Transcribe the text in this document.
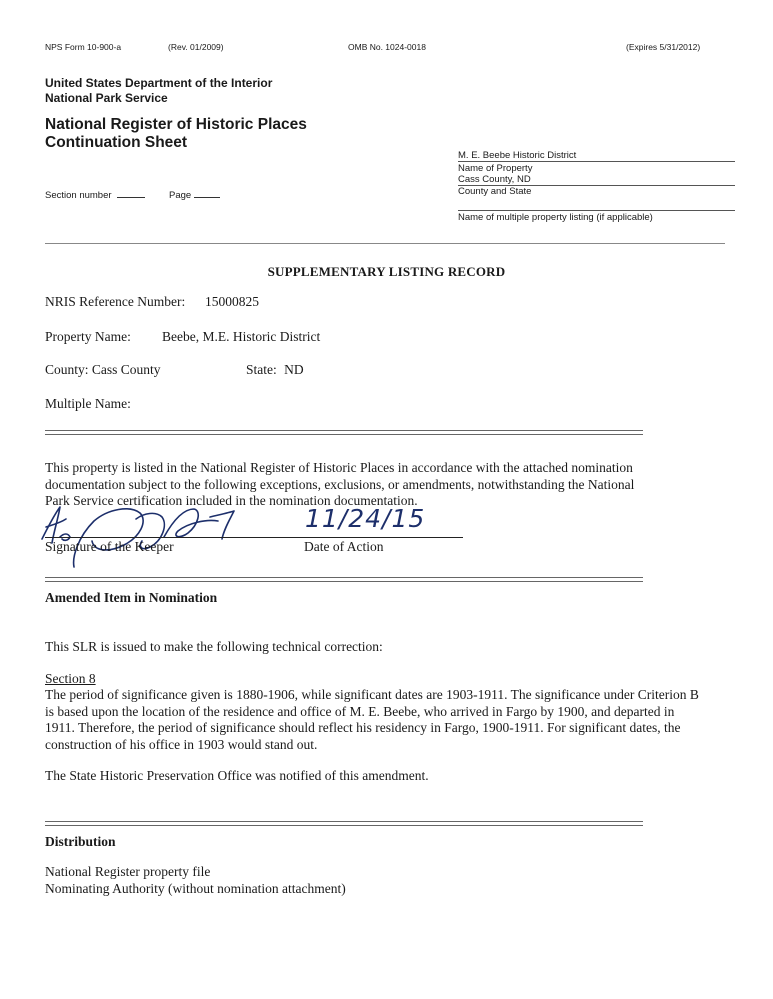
NPS Form 10-900-a	(Rev. 01/2009)	OMB No. 1024-0018	(Expires 5/31/2012)
United States Department of the Interior
National Park Service
National Register of Historic Places
Continuation Sheet
Section number	Page
M. E. Beebe Historic District
Name of Property
Cass County, ND
County and State
Name of multiple property listing (if applicable)
SUPPLEMENTARY LISTING RECORD
NRIS Reference Number: 15000825
Property Name: Beebe, M.E. Historic District
County: Cass County	State: ND
Multiple Name:
This property is listed in the National Register of Historic Places in accordance with the attached nomination
documentation subject to the following exceptions, exclusions, or amendments, notwithstanding the National
Park Service certification included in the nomination documentation.
11/24/15
Signature of the Keeper	Date of Action
Amended Item in Nomination
This SLR is issued to make the following technical correction:
Section 8
The period of significance given is 1880-1906, while significant dates are 1903-1911. The significance under Criterion B
is based upon the location of the residence and office of M. E. Beebe, who arrived in Fargo by 1900, and departed in
1911. Therefore, the period of significance should reflect his residency in Fargo, 1900-1911. For significant dates, the
construction of his office in 1903 would stand out.
The State Historic Preservation Office was notified of this amendment.
Distribution
National Register property file
Nominating Authority (without nomination attachment)
